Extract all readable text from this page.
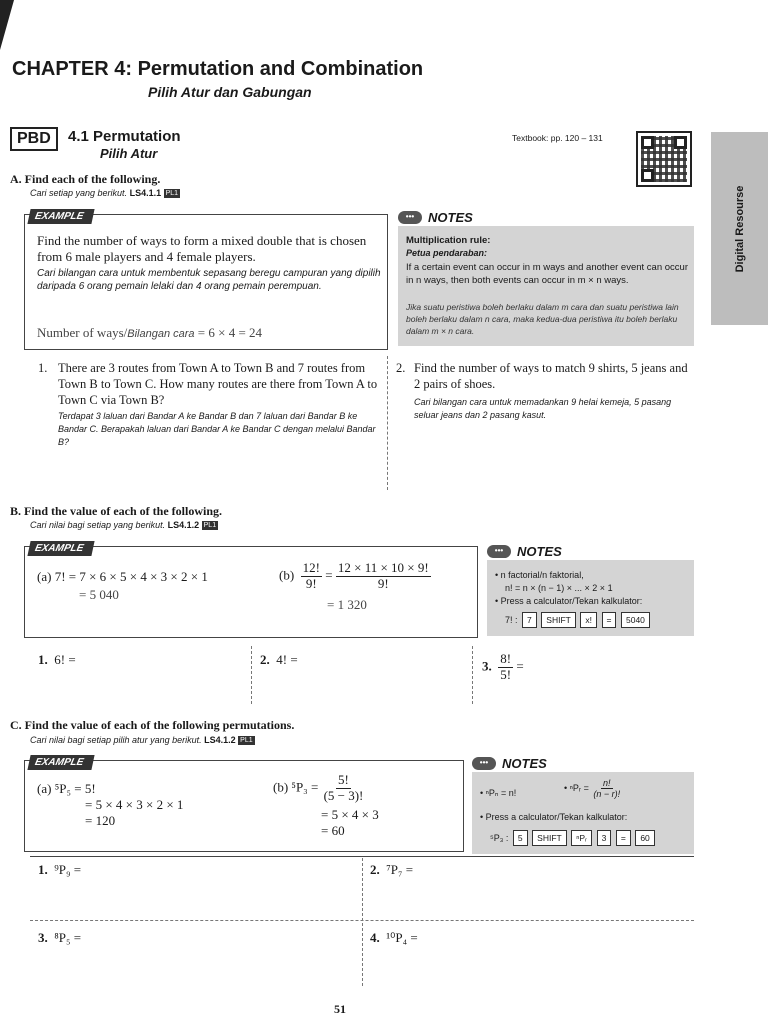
CHAPTER 4: Permutation and Combination
Pilih Atur dan Gabungan
PBD	4.1 Permutation
Pilih Atur
Textbook: pp. 120 – 131
Digital Resourse
A. Find each of the following.
Cari setiap yang berikut. LS4.1.1 PL1
EXAMPLE
Find the number of ways to form a mixed double that is chosen from 6 male players and 4 female players.
Cari bilangan cara untuk membentuk sepasang beregu campuran yang dipilih daripada 6 orang pemain lelaki dan 4 orang pemain perempuan.
Number of ways/Bilangan cara = 6 × 4 = 24
•••	NOTES
Multiplication rule:
Petua pendaraban:
If a certain event can occur in m ways and another event can occur in n ways, then both events can occur in m × n ways.
Jika suatu peristiwa boleh berlaku dalam m cara dan suatu peristiwa lain boleh berlaku dalam n cara, maka kedua-dua peristiwa itu boleh berlaku dalam m × n cara.
1. There are 3 routes from Town A to Town B and 7 routes from Town B to Town C. How many routes are there from Town A to Town C via Town B?
Terdapat 3 laluan dari Bandar A ke Bandar B dan 7 laluan dari Bandar B ke Bandar C. Berapakah laluan dari Bandar A ke Bandar C dengan melalui Bandar B?
2. Find the number of ways to match 9 shirts, 5 jeans and 2 pairs of shoes.
Cari bilangan cara untuk memadankan 9 helai kemeja, 5 pasang seluar jeans dan 2 pasang kasut.
B. Find the value of each of the following.
Cari nilai bagi setiap yang berikut. LS4.1.2 PL1
EXAMPLE
(a) 7! = 7 × 6 × 5 × 4 × 3 × 2 × 1
= 5 040
$(b) \frac{12!}{9!} = \frac{12 \times 11 \times 10 \times 9!}{9!}$
= 1 320
•••	NOTES
• n factorial/n faktorial,
n! = n × (n − 1) × ... × 2 × 1
• Press a calculator/Tekan kalkulator:
7! : 7 SHIFT x! = 5040
1. 6! =	2. 4! =	3. $\frac{8!}{5!}$ =
C. Find the value of each of the following permutations.
Cari nilai bagi setiap pilih atur yang berikut. LS4.1.2 PL1
EXAMPLE
(a) ⁵P₅ = 5!
= 5 × 4 × 3 × 2 × 1
= 120
(b) $^5P_3 = \frac{5!}{(5 - 3)!}$
= 5 × 4 × 3
= 60
•••	NOTES
• ⁿPₙ = n!	• ⁿPᵣ = $\frac{n!}{(n - r)!}$
• Press a calculator/Tekan kalkulator:
⁵P₃ : 5 SHIFT ⁿPᵣ 3 = 60
1. ⁹P₉ =	2. ⁷P₇ =
3. ⁸P₅ =	4. ¹⁰P₄ =
51
